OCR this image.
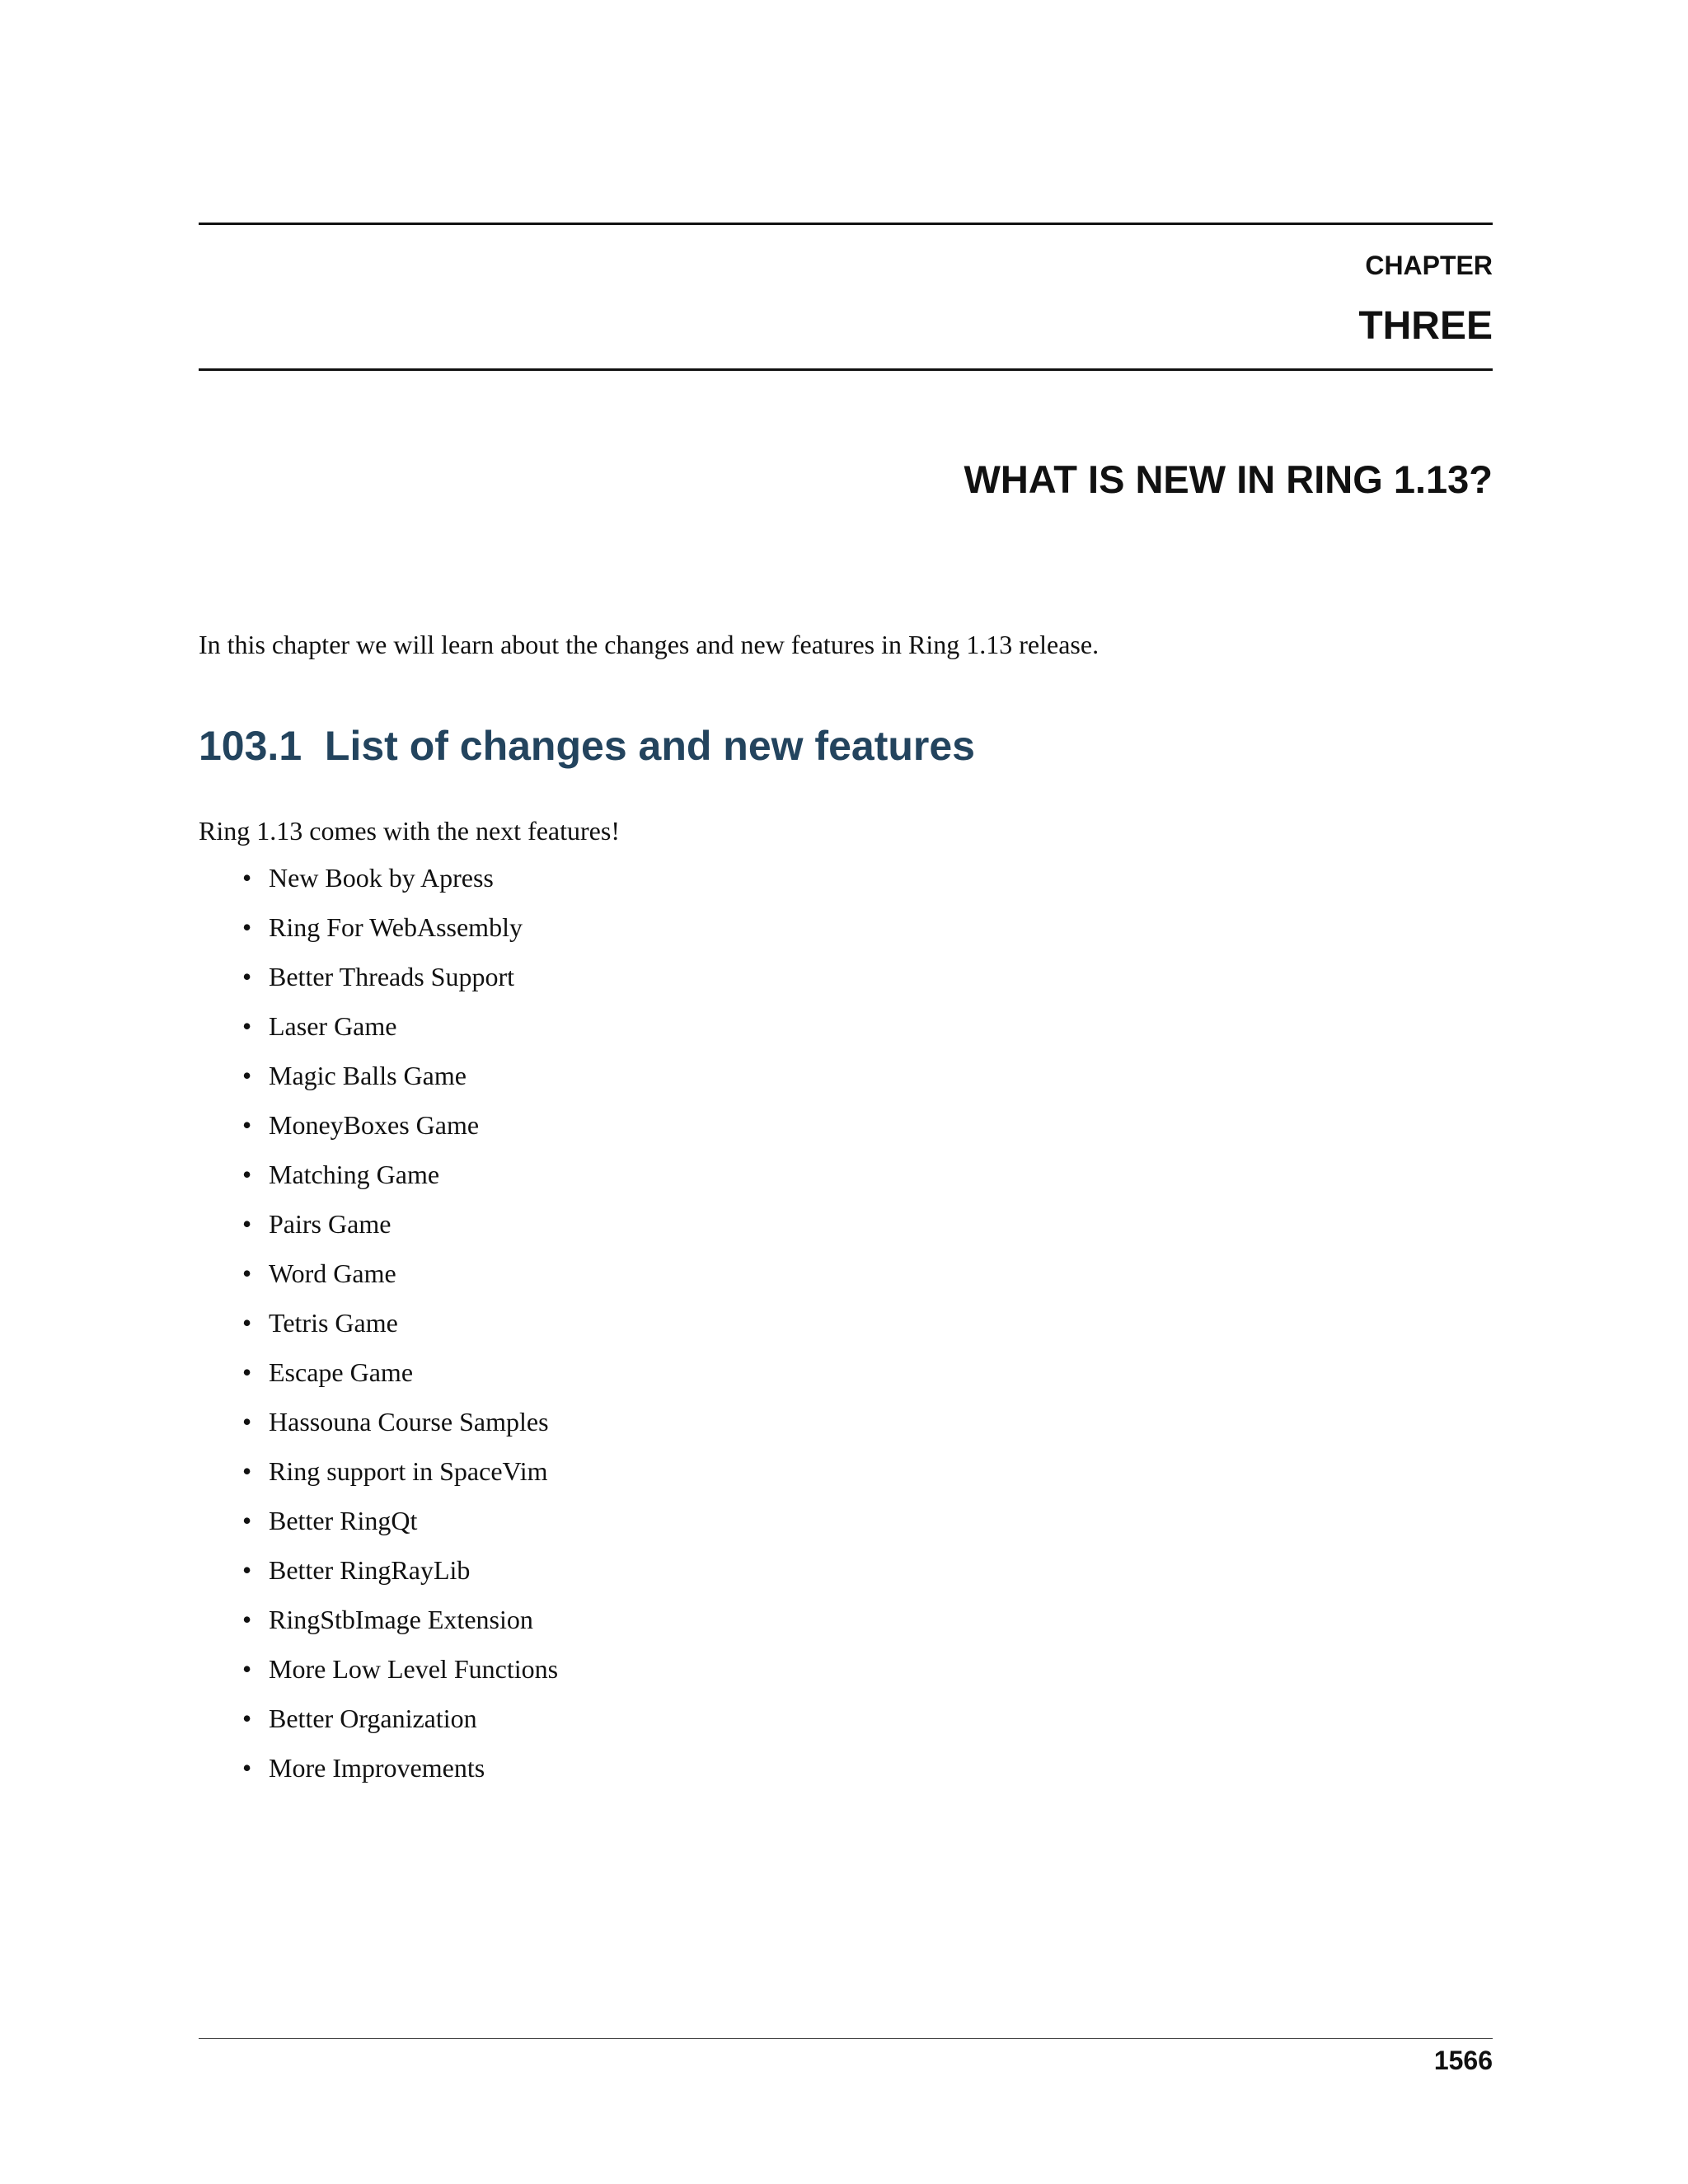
CHAPTER
THREE
WHAT IS NEW IN RING 1.13?

In this chapter we will learn about the changes and new features in Ring 1.13 release.

103.1  List of changes and new features

Ring 1.13 comes with the next features!

• New Book by Apress
• Ring For WebAssembly
• Better Threads Support
• Laser Game
• Magic Balls Game
• MoneyBoxes Game
• Matching Game
• Pairs Game
• Word Game
• Tetris Game
• Escape Game
• Hassouna Course Samples
• Ring support in SpaceVim
• Better RingQt
• Better RingRayLib
• RingStbImage Extension
• More Low Level Functions
• Better Organization
• More Improvements
1566
